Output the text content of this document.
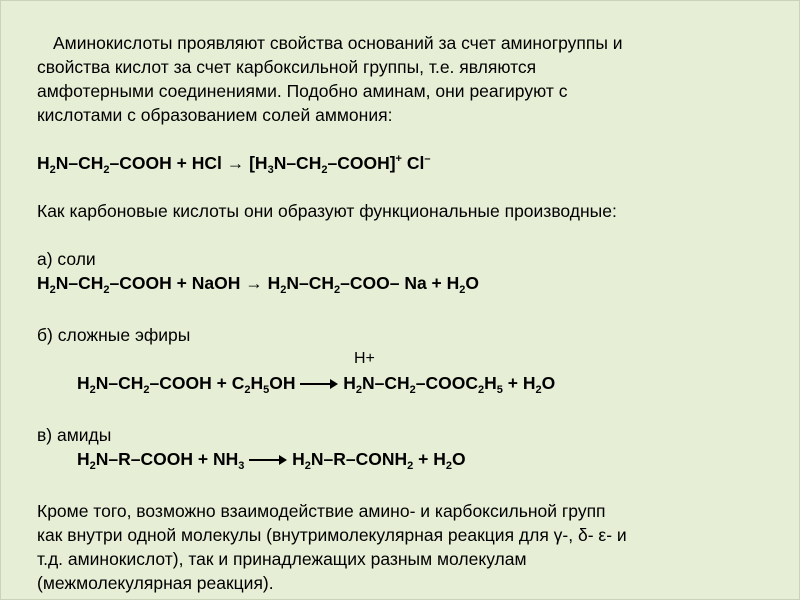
Аминокислоты проявляют свойства оснований за счет аминогруппы и
свойства кислот за счет карбоксильной группы, т.е. являются
амфотерными соединениями. Подобно аминам, они реагируют с
кислотами с образованием солей аммония:
$H_2N-CH_2$–COOH + HCl → $[H_3N-CH_2-COOH]^+$ Cl–
Как карбоновые кислоты они образуют функциональные производные:
а) соли
$H_2N-CH_2$–COOH + NaOH → $H_2N-CH_2-COO-$ $Na + H_2O$
б) сложные эфиры
H+
$H_2N-CH_2$–COOH + $C_2H_5OH$  $H_2N-CH_2-COOC_2H_5 + H_2O$
в) амиды
$H_2N-R$–COOH + $NH_3$  $H_2N-R-CONH_2 + H_2O$
Кроме того, возможно взаимодействие амино- и карбоксильной групп
как внутри одной молекулы (внутримолекулярная реакция для γ-, δ- ε- и
т.д. аминокислот), так и принадлежащих разным молекулам
(межмолекулярная реакция).
